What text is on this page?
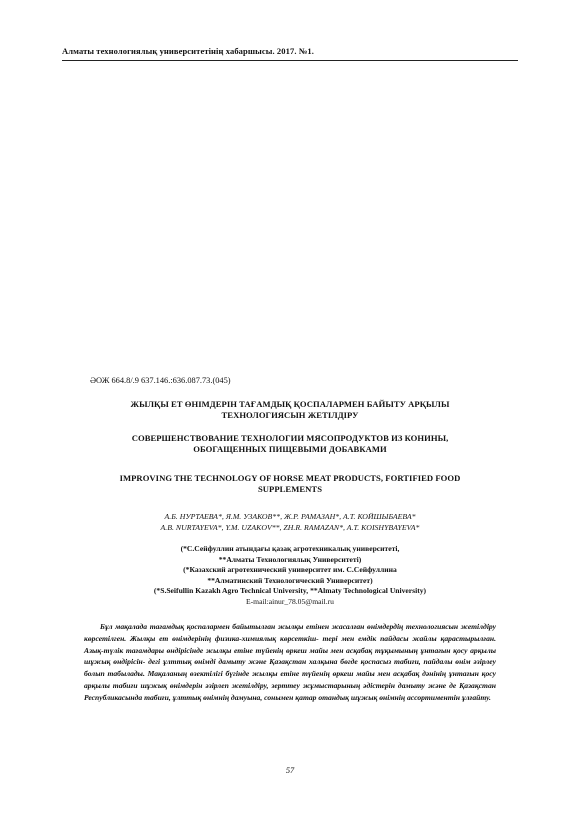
Алматы технологиялық университетінің хабаршысы. 2017. №1.
ӘОЖ 664.8/.9 637.146.:636.087.73.(045)
ЖЫЛҚЫ ЕТ ӨНІМДЕРІН ТАҒАМДЫҚ ҚОСПАЛАРМЕН БАЙЫТУ АРҚЫЛЫ
ТЕХНОЛОГИЯСЫН ЖЕТІЛДІРУ
СОВЕРШЕНСТВОВАНИЕ ТЕХНОЛОГИИ МЯСОПРОДУКТОВ ИЗ КОНИНЫ,
ОБОГАЩЕННЫХ ПИЩЕВЫМИ ДОБАВКАМИ
IMPROVING THE TECHNOLOGY OF HORSE MEAT PRODUCTS, FORTIFIED FOOD
SUPPLEMENTS
А.Б. НУРТАЕВА*, Я.М. УЗАКОВ**, Ж.Р. РАМАЗАН*, А.Т. КОЙШЫБАЕВА*
A.B. NURTAYEVA*, Y.M. UZAKOV**, ZH.R. RAMAZAN*, A.T. KOISHYBAYEVA*
(*С.Сейфуллин атындағы қазақ агротехникалық университеті,
**Алматы Технологиялық Университеті)
(*Казахский агротехнический университет им. С.Сейфуллина
**Алматинский Технологический Университет)
(*S.Seifullin Kazakh Agro Technical University, **Almaty Technological University)
E-mail:ainur_78.05@mail.ru
Бұл мақалада тағамдық қоспалармен байытылған жылқы етінен жасалған өнімдердің технологиясын жетілдіру көрсетілген. Жылқы ет өнімдерінің физика-химиялық көрсеткіш- тері мен емдік пайдасы жайлы қарастырылған. Азық-түлік тағамдары өндірісінде жылқы етіне түйенің өркеш майы мен асқабақ тұқымының ұнтағын қосу арқылы шұжық өндірісін- дегі ұлттық өнімді дамыту және Қазақстан халқына бөгде қоспасыз табиғи, пайдалы өнім әзірлеу болып табылады. Мақаланың өзектілігі бүгінде жылқы етіне түйенің өркеш майы мен асқабақ дәнінің ұнтағын қосу арқылы табиғи шұжық өнімдерін әзірлеп жетілдіру, зерттеу жұмыстарының әдістерін дамыту және де Қазақстан Республикасында табиғи, ұлттық өнімнің дамуына, сонымен қатар отандық шұжық өнімнің ассортиментін ұлғайту.
57
